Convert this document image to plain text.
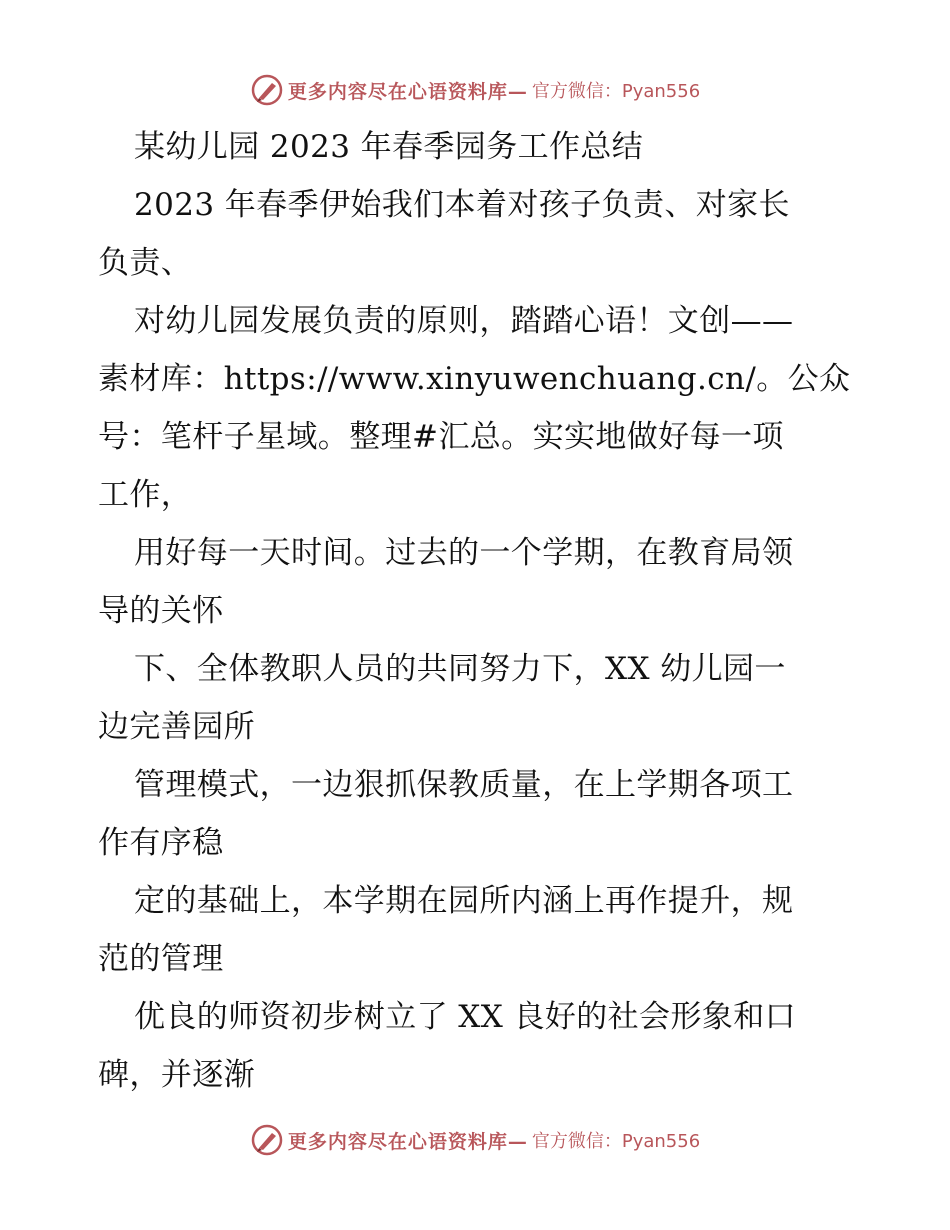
更多内容尽在心语资料库— 官方微信：Pyan556
某幼儿园 2023 年春季园务工作总结
2023 年春季伊始我们本着对孩子负责、对家长
负责、
对幼儿园发展负责的原则，踏踏心语！文创——
素材库：https://www.xinyuwenchuang.cn/。公众
号：笔杆子星域。整理#汇总。实实地做好每一项
工作，
用好每一天时间。过去的一个学期，在教育局领
导的关怀
下、全体教职人员的共同努力下，XX 幼儿园一
边完善园所
管理模式，一边狠抓保教质量，在上学期各项工
作有序稳
定的基础上，本学期在园所内涵上再作提升，规
范的管理
优良的师资初步树立了 XX 良好的社会形象和口
碑，并逐渐
更多内容尽在心语资料库— 官方微信：Pyan556
